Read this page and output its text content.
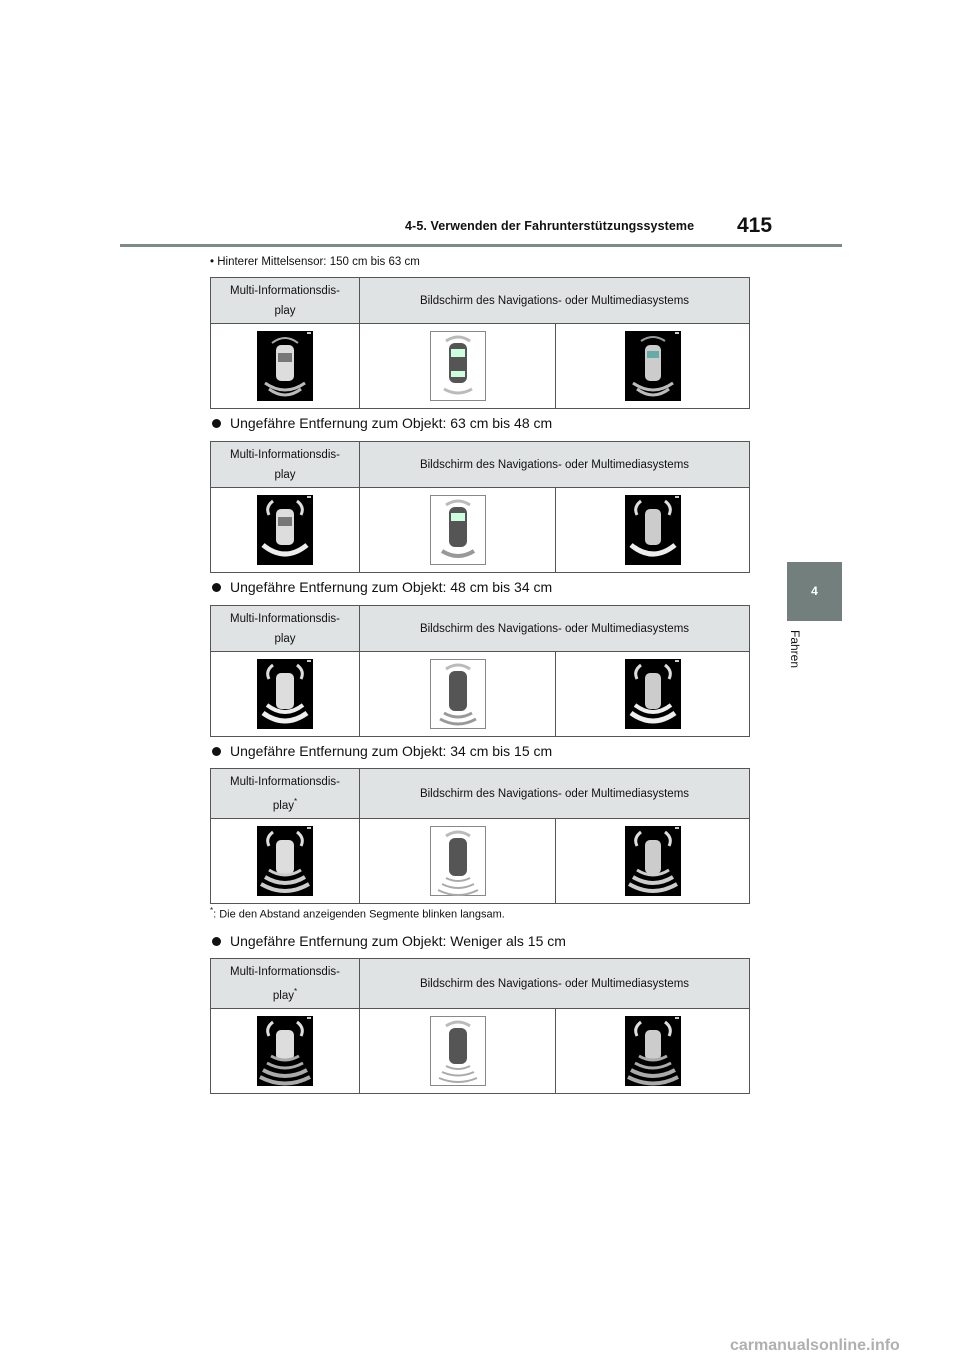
4-5. Verwenden der Fahrunterstützungssysteme 415
4
Fahren
• Hinterer Mittelsensor: 150 cm bis 63 cm
Multi-Informationsdis-
play
Bildschirm des Navigations- oder Multimediasystems
Ungefähre Entfernung zum Objekt: 63 cm bis 48 cm
Multi-Informationsdis-
play
Bildschirm des Navigations- oder Multimediasystems
Ungefähre Entfernung zum Objekt: 48 cm bis 34 cm
Multi-Informationsdis-
play
Bildschirm des Navigations- oder Multimediasystems
Ungefähre Entfernung zum Objekt: 34 cm bis 15 cm
Multi-Informationsdis-
play*
Bildschirm des Navigations- oder Multimediasystems
*: Die den Abstand anzeigenden Segmente blinken langsam.
Ungefähre Entfernung zum Objekt: Weniger als 15 cm
Multi-Informationsdis-
play*
Bildschirm des Navigations- oder Multimediasystems
carmanualsonline.info
